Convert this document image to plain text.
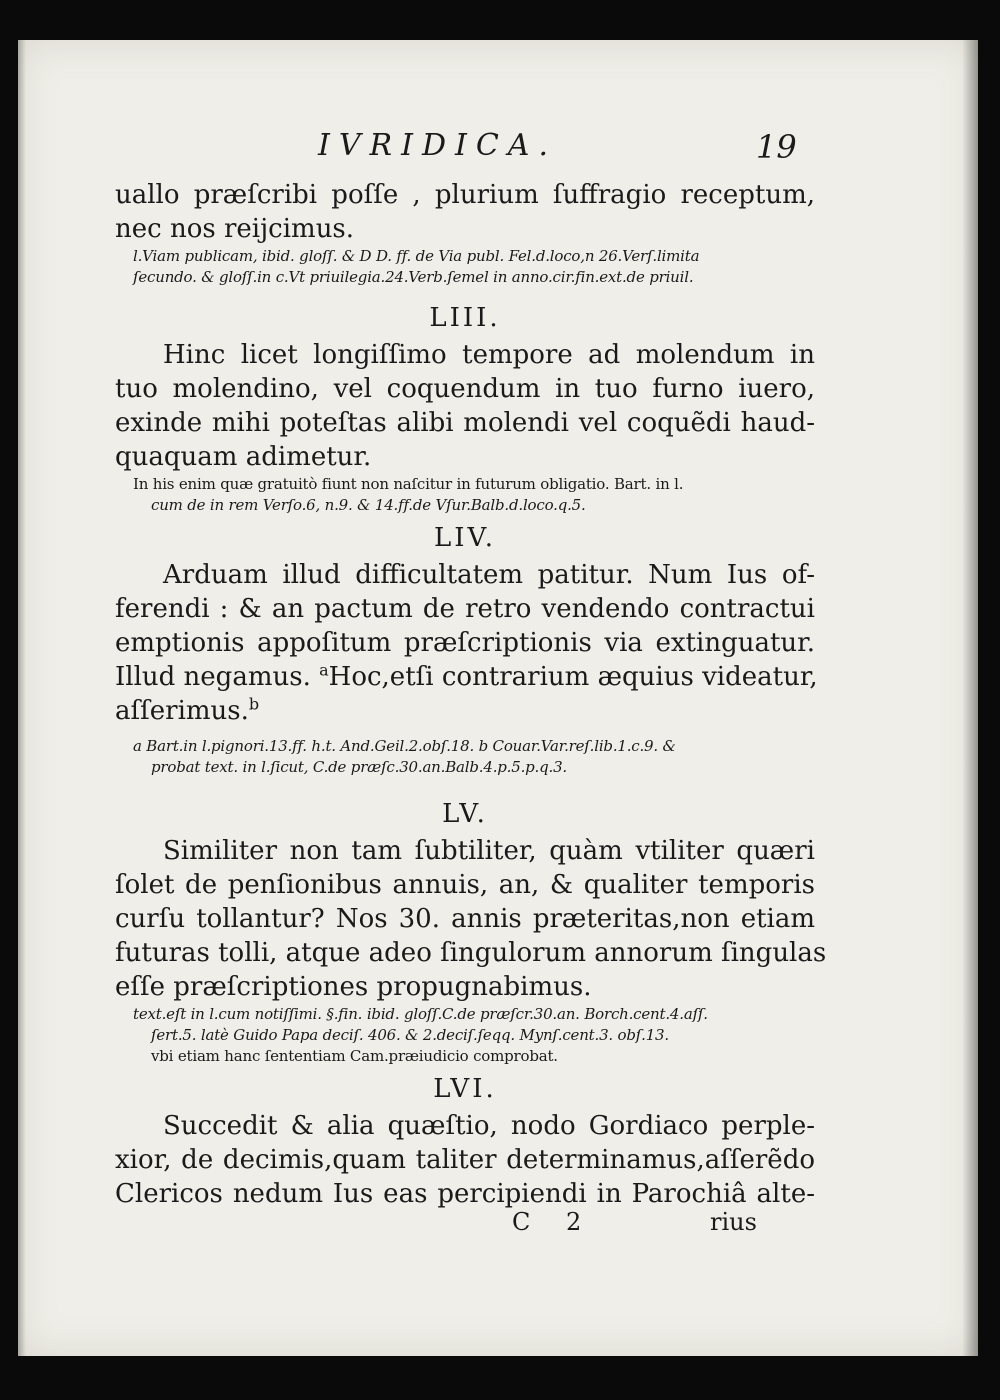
IVRIDICA.	19
uallo præſcribi poſſe , plurium ſuffragio receptum,
nec nos reijcimus.
l.Viam publicam, ibid. gloſſ. & D D. ff. de Via publ. Fel.d.loco,n 26.Verſ.limita
ſecundo. & gloſſ.in c.Vt priuilegia.24.Verb.ſemel in anno.cir.fin.ext.de priuil.
LIII.
Hinc licet longiſſimo tempore ad molendum in
tuo molendino, vel coquendum in tuo furno iuero,
exinde mihi poteſtas alibi molendi vel coquẽdi haud-
quaquam adimetur.
In his enim quæ gratuitò fiunt non naſcitur in futurum obligatio. Bart. in l.
cum de in rem Verſo.6, n.9. & 14.ff.de Vſur.Balb.d.loco.q.5.
LIV.
Arduam illud difficultatem patitur. Num Ius of-
ferendi : & an pactum de retro vendendo contractui
emptionis appoſitum præſcriptionis via extinguatur.
Illud negamus. $^a$Hoc,etſi contrarium æquius videatur,
aſſerimus.$^b$
a Bart.in l.pignori.13.ff. h.t. And.Geil.2.obſ.18. b Couar.Var.reſ.lib.1.c.9. &
probat text. in l.ſicut, C.de præſc.30.an.Balb.4.p.5.p.q.3.
LV.
Similiter non tam ſubtiliter, quàm vtiliter quæri
ſolet de penſionibus annuis, an, & qualiter temporis
curſu tollantur? Nos 30. annis præteritas,non etiam
futuras tolli, atque adeo ſingulorum annorum ſingulas
eſſe præſcriptiones propugnabimus.
text.eſt in l.cum notiſſimi. §.fin. ibid. gloſſ.C.de præſcr.30.an. Borch.cent.4.aſſ.
ſert.5. latè Guido Papa deciſ. 406. & 2.deciſ.ſeqq. Mynſ.cent.3. obſ.13.
vbi etiam hanc ſententiam Cam.præiudicio comprobat.
LVI.
Succedit & alia quæſtio, nodo Gordiaco perple-
xior, de decimis,quam taliter determinamus,aſſerẽdo
Clericos nedum Ius eas percipiendi in Parochiâ alte-
C 2	rius
